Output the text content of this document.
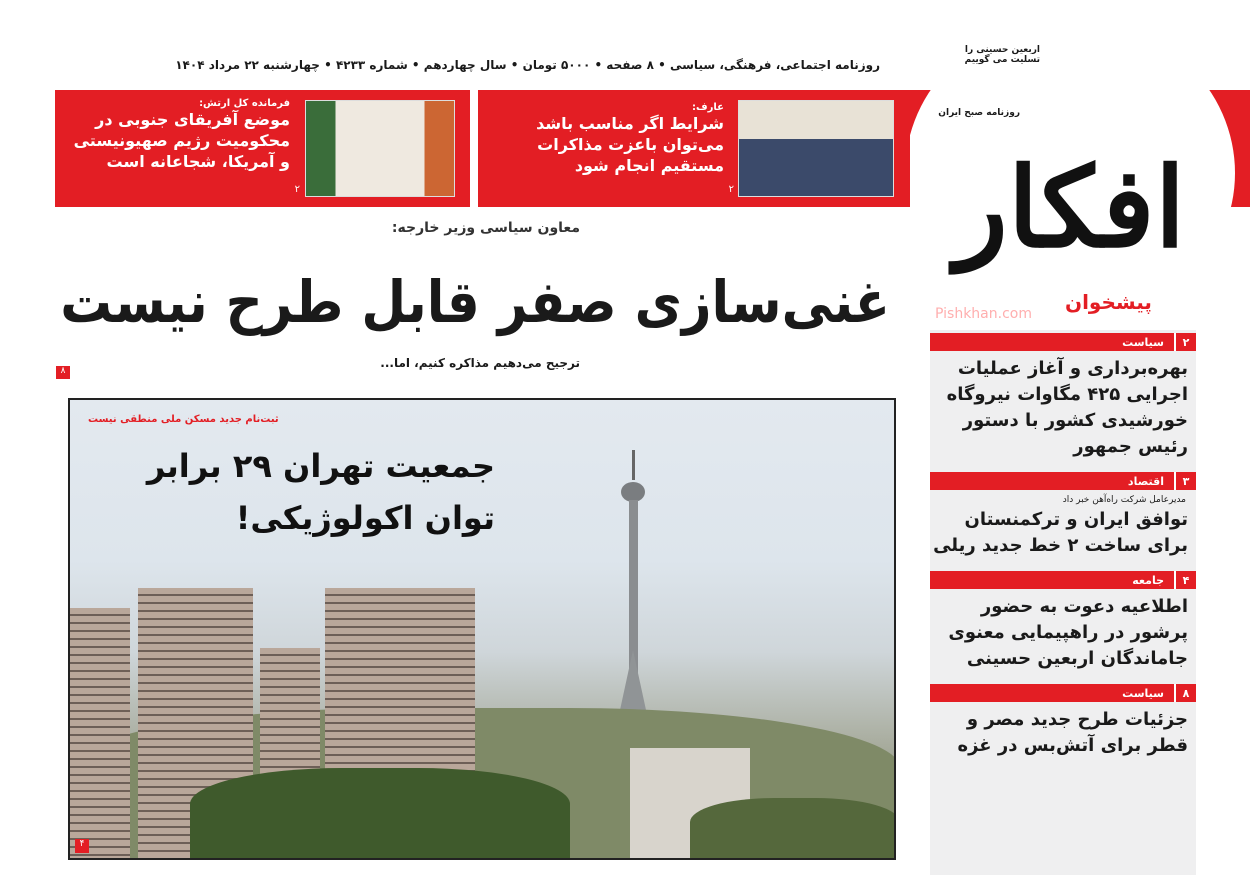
اربعین حسینی را تسلیت می گوییم
روزنامه صبح ایران
افکار
پیشخوان
Pishkhan.com
روزنامه اجتماعی، فرهنگی، سیاسی • ۸ صفحه • ۵۰۰۰ تومان • سال چهاردهم • شماره ۴۲۳۳ • چهارشنبه ۲۲ مرداد ۱۴۰۴
عارف:
شرایط اگر مناسب باشد می‌توان باعزت مذاکرات مستقیم انجام شود
۲
فرمانده کل ارتش:
موضع آفریقای جنوبی در محکومیت رژیم صهیونیستی و آمریکا، شجاعانه است
۲
معاون سیاسی وزیر خارجه:
غنی‌سازی صفر قابل طرح نیست
ترجیح می‌دهیم مذاکره کنیم، اما...
۸
ثبت‌نام جدید مسکن ملی منطقی نیست
جمعیت تهران ۲۹ برابر توان اکولوژیکی!
۴
۲
سیاست
بهره‌برداری و آغاز عملیات اجرایی ۴۲۵ مگاوات نیروگاه خورشیدی کشور با دستور رئیس جمهور
۳
اقتصاد
مدیرعامل شرکت راه‌آهن خبر داد
توافق ایران و ترکمنستان برای ساخت ۲ خط جدید ریلی
۴
جامعه
اطلاعیه دعوت به حضور پرشور در راهپیمایی معنوی جاماندگان اربعین حسینی
۸
سیاست
جزئیات طرح جدید مصر و قطر برای آتش‌بس در غزه
